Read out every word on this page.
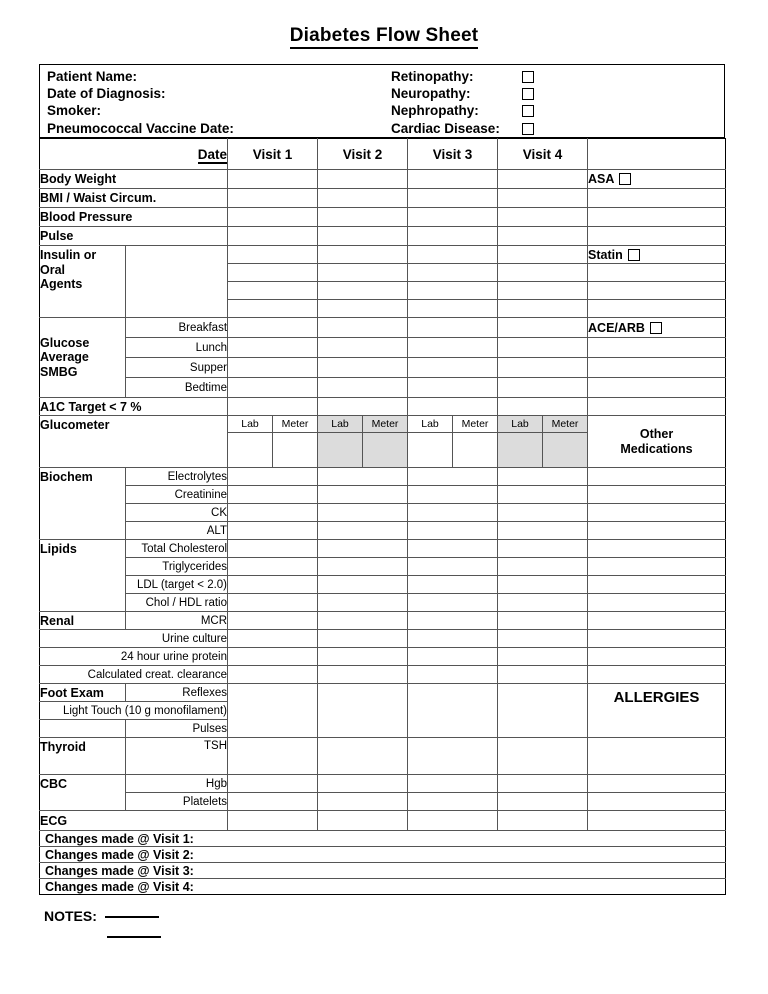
Diabetes Flow Sheet
Patient Name:
Date of Diagnosis:
Smoker:
Pneumococcal Vaccine Date:
Retinopathy:
Neuropathy:
Nephropathy:
Cardiac Disease:
Date		Visit 1		Visit 2		Visit 3		Visit 4		
Body Weight										ASA
BMI / Waist Circum.										
Blood Pressure										
Pulse										

Insulin or
Oral
Agents										Statin

Glucose
Average
SMBG	Breakfast									ACE/ARB
	Lunch									
	Supper									
	Bedtime									
A1C Target < 7 %										
Glucometer		Lab	Meter	Lab	Meter	Lab	Meter	Lab	Meter	Other
Medications

Biochem	Electrolytes									
	Creatinine									
	CK									
	ALT									
Lipids	Total Cholesterol									
	Triglycerides									
	LDL (target < 2.0)									
	Chol / HDL ratio									
Renal	MCR									
Urine culture										
24 hour urine protein										
Calculated creat. clearance										
Foot Exam	Reflexes									ALLERGIES
Light Touch (10 g monofilament)										
	Pulses									
Thyroid	TSH									
CBC	Hgb									
	Platelets									
ECG										
Changes made @ Visit 1:										
Changes made @ Visit 2:										
Changes made @ Visit 3:										
Changes made @ Visit 4:										
NOTES:
